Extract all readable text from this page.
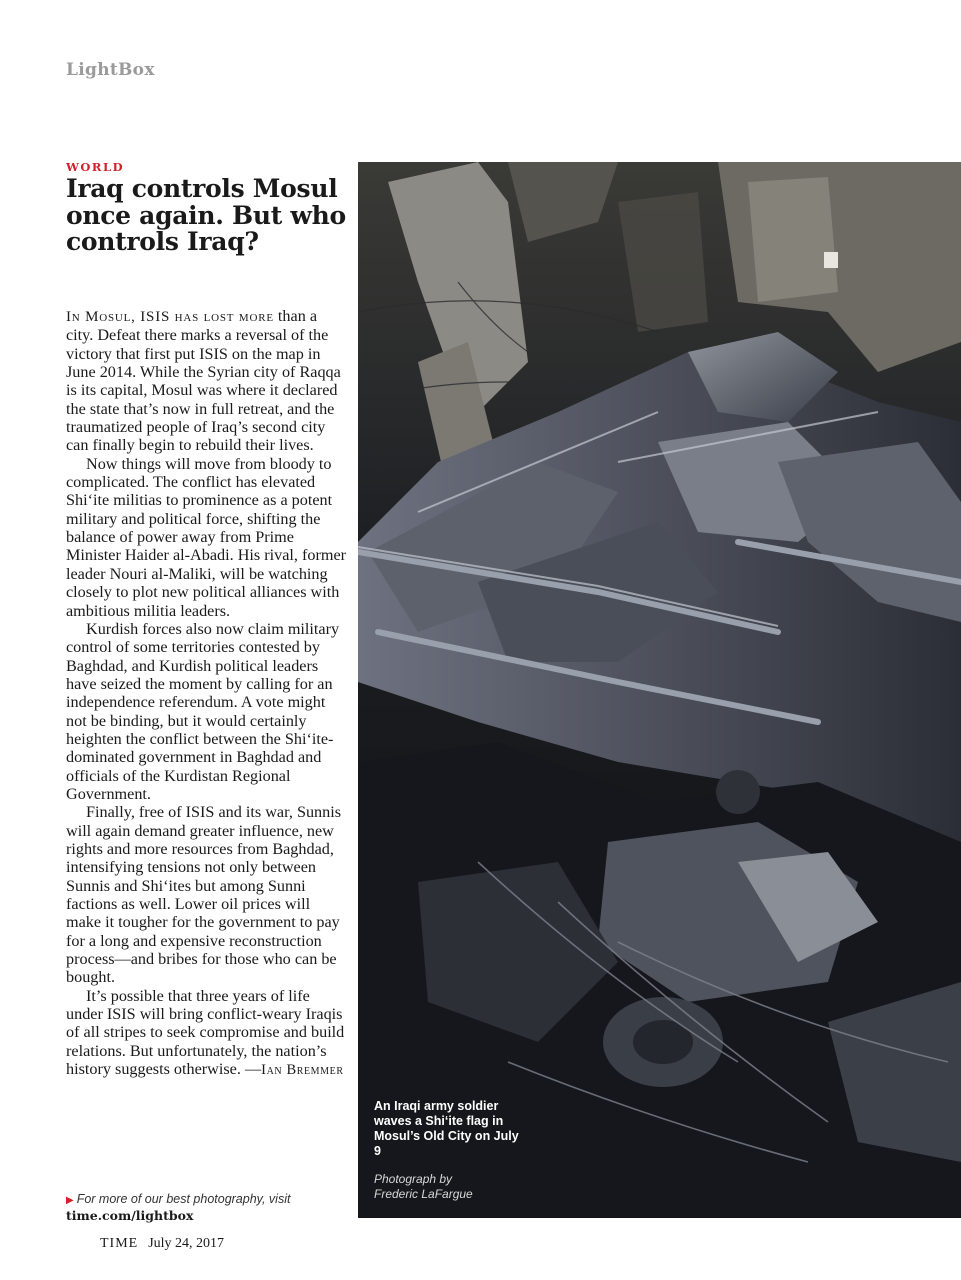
LightBox
WORLD
Iraq controls Mosul once again. But who controls Iraq?

In Mosul, ISIS has lost more than a city. Defeat there marks a reversal of the victory that first put ISIS on the map in June 2014. While the Syrian city of Raqqa is its capital, Mosul was where it declared the state that’s now in full retreat, and the traumatized people of Iraq’s second city can finally begin to rebuild their lives.

Now things will move from bloody to complicated. The conflict has elevated Shi‘ite militias to prominence as a potent military and political force, shifting the balance of power away from Prime Minister Haider al-Abadi. His rival, former leader Nouri al-Maliki, will be watching closely to plot new political alliances with ambitious militia leaders.

Kurdish forces also now claim military control of some territories contested by Baghdad, and Kurdish political leaders have seized the moment by calling for an independence referendum. A vote might not be binding, but it would certainly heighten the conflict between the Shi‘ite-dominated government in Baghdad and officials of the Kurdistan Regional Government.

Finally, free of ISIS and its war, Sunnis will again demand greater influence, new rights and more resources from Baghdad, intensifying tensions not only between Sunnis and Shi‘ites but among Sunni factions as well. Lower oil prices will make it tougher for the government to pay for a long and expensive reconstruction process—and bribes for those who can be bought.

It’s possible that three years of life under ISIS will bring conflict-weary Iraqis of all stripes to seek compromise and build relations. But unfortunately, the nation’s history suggests otherwise. —Ian Bremmer

An Iraqi army soldier waves a Shi‘ite flag in Mosul’s Old City on July 9
Photograph by
Frederic LaFargue
▶ For more of our best photography, visit time.com/lightbox
TIME July 24, 2017
